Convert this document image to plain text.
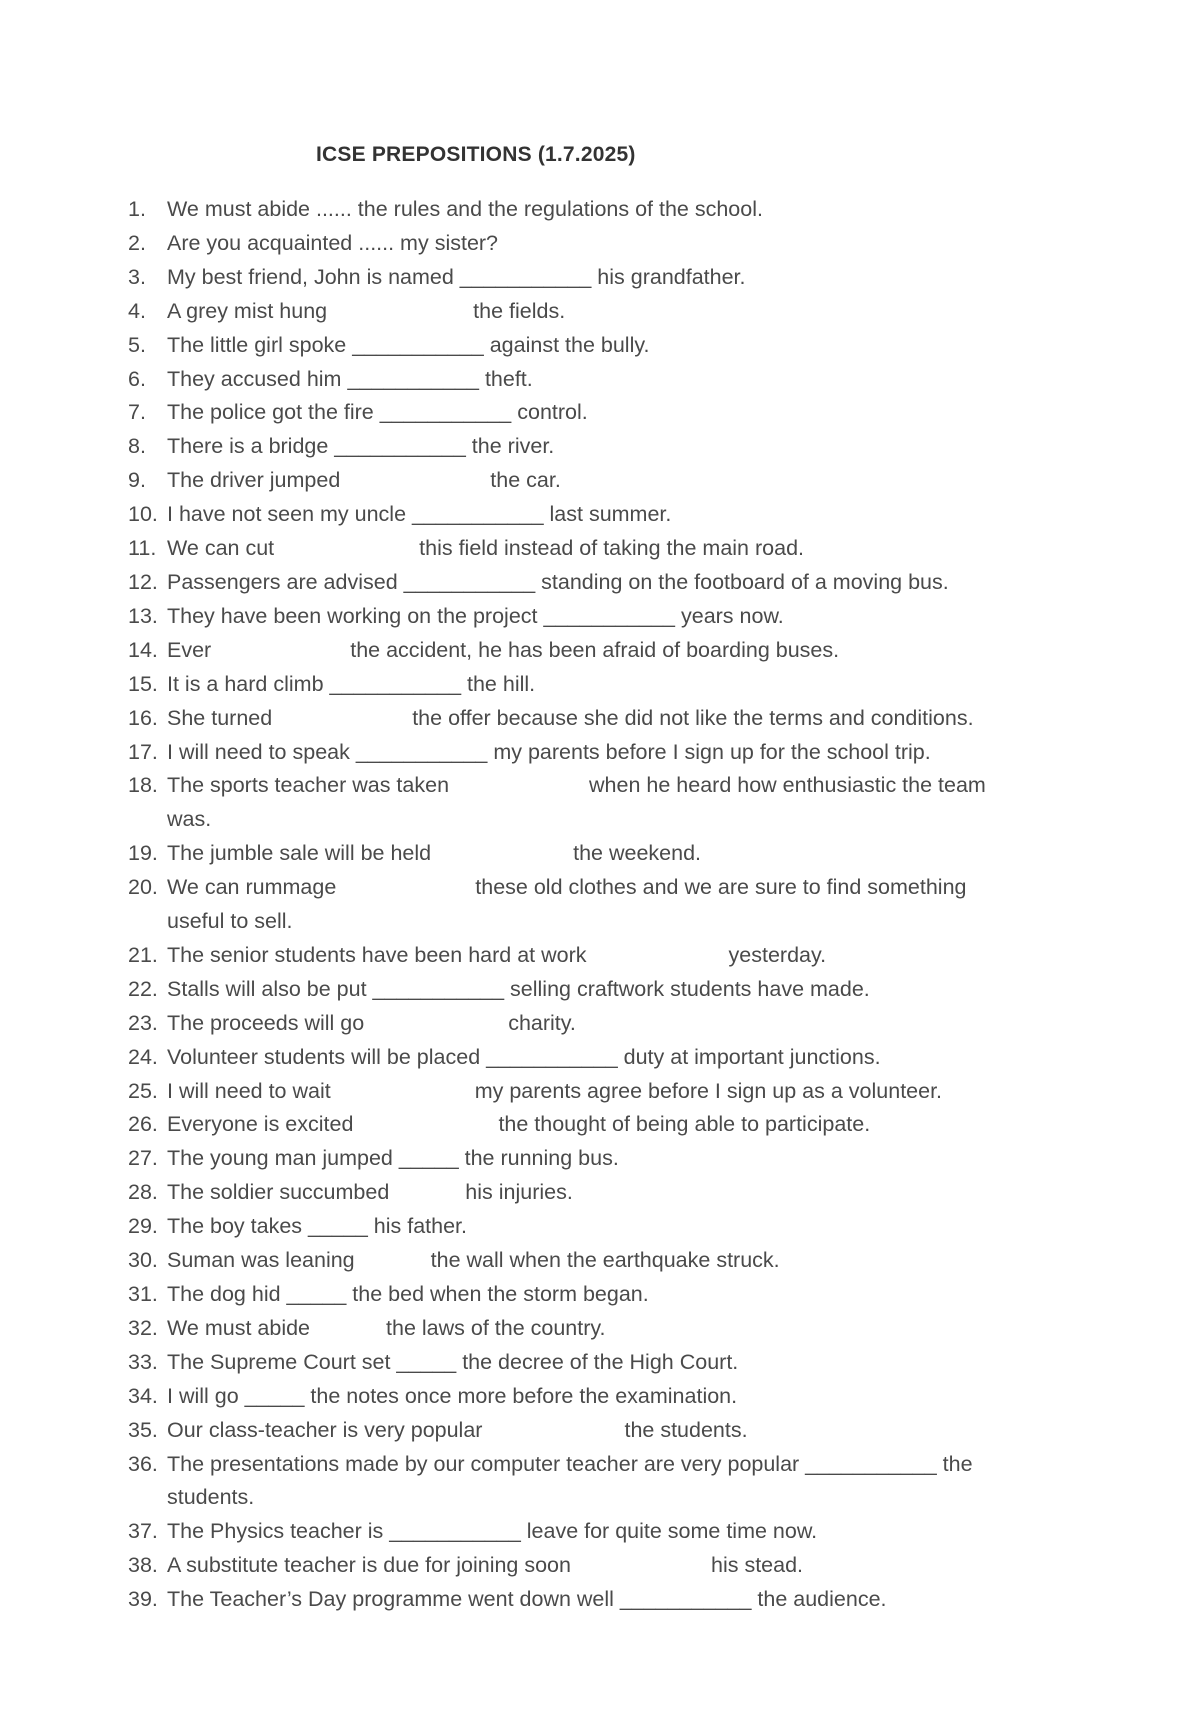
ICSE PREPOSITIONS (1.7.2025)
1. We must abide ...... the rules and the regulations of the school.
2. Are you acquainted ...... my sister?
3. My best friend, John is named ___________ his grandfather.
4. A grey mist hung	the fields.
5. The little girl spoke ___________ against the bully.
6. They accused him ___________ theft.
7. The police got the fire ___________ control.
8. There is a bridge ___________ the river.
9. The driver jumped	the car.
10. I have not seen my uncle ___________ last summer.
11. We can cut	this field instead of taking the main road.
12. Passengers are advised ___________ standing on the footboard of a moving bus.
13. They have been working on the project ___________ years now.
14. Ever	the accident, he has been afraid of boarding buses.
15. It is a hard climb ___________ the hill.
16. She turned	the offer because she did not like the terms and conditions.
17. I will need to speak ___________ my parents before I sign up for the school trip.
18. The sports teacher was taken	when he heard how enthusiastic the team
was.
19. The jumble sale will be held	the weekend.
20. We can rummage	these old clothes and we are sure to find something
useful to sell.
21. The senior students have been hard at work	yesterday.
22. Stalls will also be put ___________ selling craftwork students have made.
23. The proceeds will go	charity.
24. Volunteer students will be placed ___________ duty at important junctions.
25. I will need to wait	my parents agree before I sign up as a volunteer.
26. Everyone is excited	the thought of being able to participate.
27. The young man jumped _____ the running bus.
28. The soldier succumbed	his injuries.
29. The boy takes _____ his father.
30. Suman was leaning	the wall when the earthquake struck.
31. The dog hid _____ the bed when the storm began.
32. We must abide	the laws of the country.
33. The Supreme Court set _____ the decree of the High Court.
34. I will go _____ the notes once more before the examination.
35. Our class-teacher is very popular	the students.
36. The presentations made by our computer teacher are very popular ___________ the
students.
37. The Physics teacher is ___________ leave for quite some time now.
38. A substitute teacher is due for joining soon	his stead.
39. The Teacher’s Day programme went down well ___________ the audience.
